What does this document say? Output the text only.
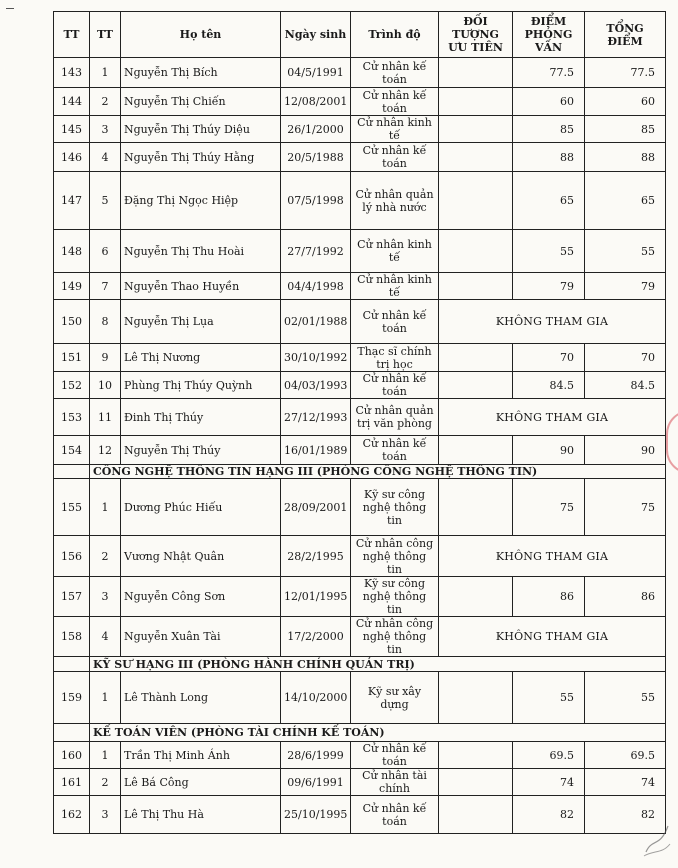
TT	TT	Họ tên	Ngày sinh	Trình độ	ĐỐI TƯỢNG ƯU TIÊN	ĐIỂM PHỎNG VẤN	TỔNG ĐIỂM
143	1	Nguyễn Thị Bích	04/5/1991	Cử nhân kế toán		77.5	77.5
144	2	Nguyễn Thị Chiến	12/08/2001	Cử nhân kế toán		60	60
145	3	Nguyễn Thị Thúy Diệu	26/1/2000	Cử nhân kinh tế		85	85
146	4	Nguyễn Thị Thúy Hằng	20/5/1988	Cử nhân kế toán		88	88
147	5	Đặng Thị Ngọc Hiệp	07/5/1998	Cử nhân quản lý nhà nước		65	65
148	6	Nguyễn Thị Thu Hoài	27/7/1992	Cử nhân kinh tế		55	55
149	7	Nguyễn Thao Huyền	04/4/1998	Cử nhân kinh tế		79	79
150	8	Nguyễn Thị Lụa	02/01/1988	Cử nhân kế toán	KHÔNG THAM GIA		
151	9	Lê Thị Nương	30/10/1992	Thạc sĩ chính trị học		70	70
152	10	Phùng Thị Thúy Quỳnh	04/03/1993	Cử nhân kế toán		84.5	84.5
153	11	Đinh Thị Thúy	27/12/1993	Cử nhân quản trị văn phòng	KHÔNG THAM GIA		
154	12	Nguyễn Thị Thúy	16/01/1989	Cử nhân kế toán		90	90
	CÔNG NGHỆ THÔNG TIN HẠNG III (PHÒNG CÔNG NGHỆ THÔNG TIN)						
155	1	Dương Phúc Hiếu	28/09/2001	Kỹ sư công nghệ thông tin		75	75
156	2	Vương Nhật Quân	28/2/1995	Cử nhân công nghệ thông tin	KHÔNG THAM GIA		
157	3	Nguyễn Công Sơn	12/01/1995	Kỹ sư công nghệ thông tin		86	86
158	4	Nguyễn Xuân Tài	17/2/2000	Cử nhân công nghệ thông tin	KHÔNG THAM GIA		
	KỸ SƯ HẠNG III (PHÒNG HÀNH CHÍNH QUẢN TRỊ)						
159	1	Lê Thành Long	14/10/2000	Kỹ sư xây dựng		55	55
	KẾ TOÁN VIÊN (PHÒNG TÀI CHÍNH KẾ TOÁN)						
160	1	Trần Thị Minh Ánh	28/6/1999	Cử nhân kế toán		69.5	69.5
161	2	Lê Bá Công	09/6/1991	Cử nhân tài chính		74	74
162	3	Lê Thị Thu Hà	25/10/1995	Cử nhân kế toán		82	82
